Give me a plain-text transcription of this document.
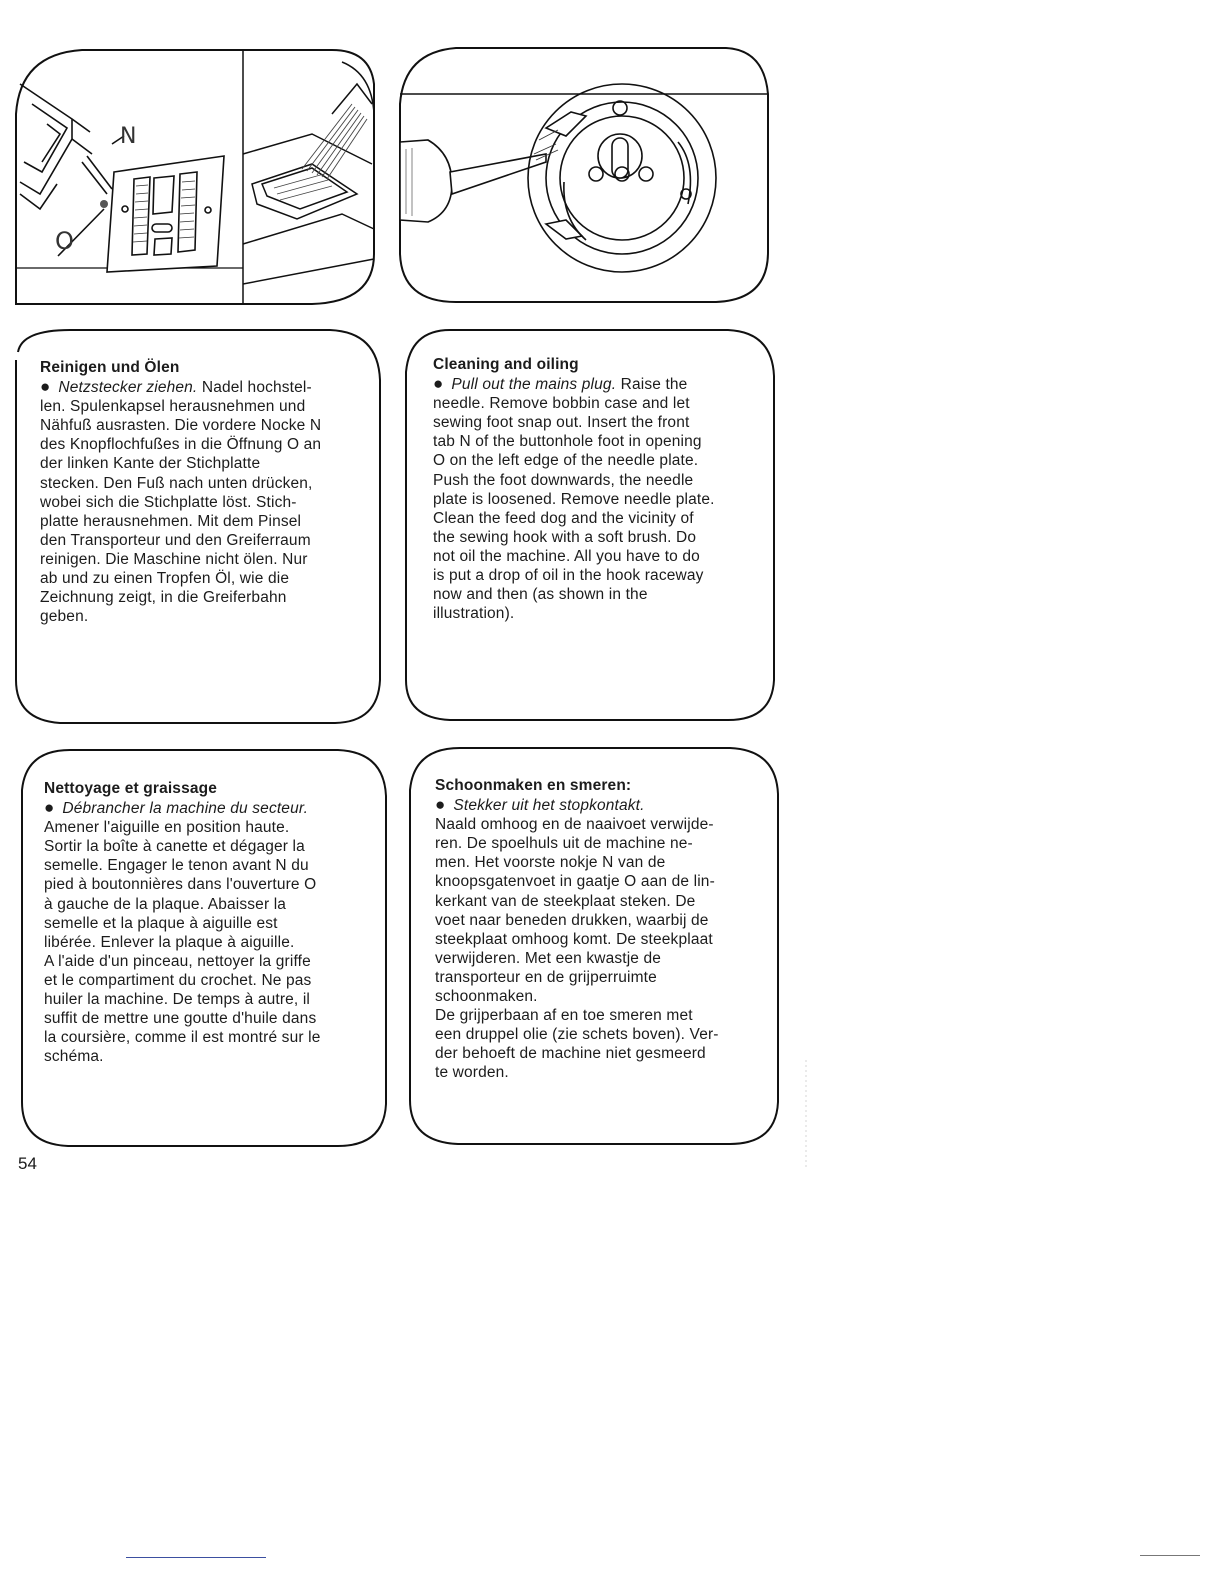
N
O
Reinigen und Ölen
● Netzstecker ziehen. Nadel hochstel-
len. Spulenkapsel herausnehmen und
Nähfuß ausrasten. Die vordere Nocke N
des Knopflochfußes in die Öffnung O an
der linken Kante der Stichplatte
stecken. Den Fuß nach unten drücken,
wobei sich die Stichplatte löst. Stich-
platte herausnehmen. Mit dem Pinsel
den Transporteur und den Greiferraum
reinigen. Die Maschine nicht ölen. Nur
ab und zu einen Tropfen Öl, wie die
Zeichnung zeigt, in die Greiferbahn
geben.
Cleaning and oiling
● Pull out the mains plug. Raise the
needle. Remove bobbin case and let
sewing foot snap out. Insert the front
tab N of the buttonhole foot in opening
O on the left edge of the needle plate.
Push the foot downwards, the needle
plate is loosened. Remove needle plate.
Clean the feed dog and the vicinity of
the sewing hook with a soft brush. Do
not oil the machine. All you have to do
is put a drop of oil in the hook raceway
now and then (as shown in the
illustration).
Nettoyage et graissage
● Débrancher la machine du secteur.
Amener l'aiguille en position haute.
Sortir la boîte à canette et dégager la
semelle. Engager le tenon avant N du
pied à boutonnières dans l'ouverture O
à gauche de la plaque. Abaisser la
semelle et la plaque à aiguille est
libérée. Enlever la plaque à aiguille.
A l'aide d'un pinceau, nettoyer la griffe
et le compartiment du crochet. Ne pas
huiler la machine. De temps à autre, il
suffit de mettre une goutte d'huile dans
la coursière, comme il est montré sur le
schéma.
Schoonmaken en smeren:
● Stekker uit het stopkontakt.
Naald omhoog en de naaivoet verwijde-
ren. De spoelhuls uit de machine ne-
men. Het voorste nokje N van de
knoopsgatenvoet in gaatje O aan de lin-
kerkant van de steekplaat steken. De
voet naar beneden drukken, waarbij de
steekplaat omhoog komt. De steekplaat
verwijderen. Met een kwastje de
transporteur en de grijperruimte
schoonmaken.
De grijperbaan af en toe smeren met
een druppel olie (zie schets boven). Ver-
der behoeft de machine niet gesmeerd
te worden.
54
